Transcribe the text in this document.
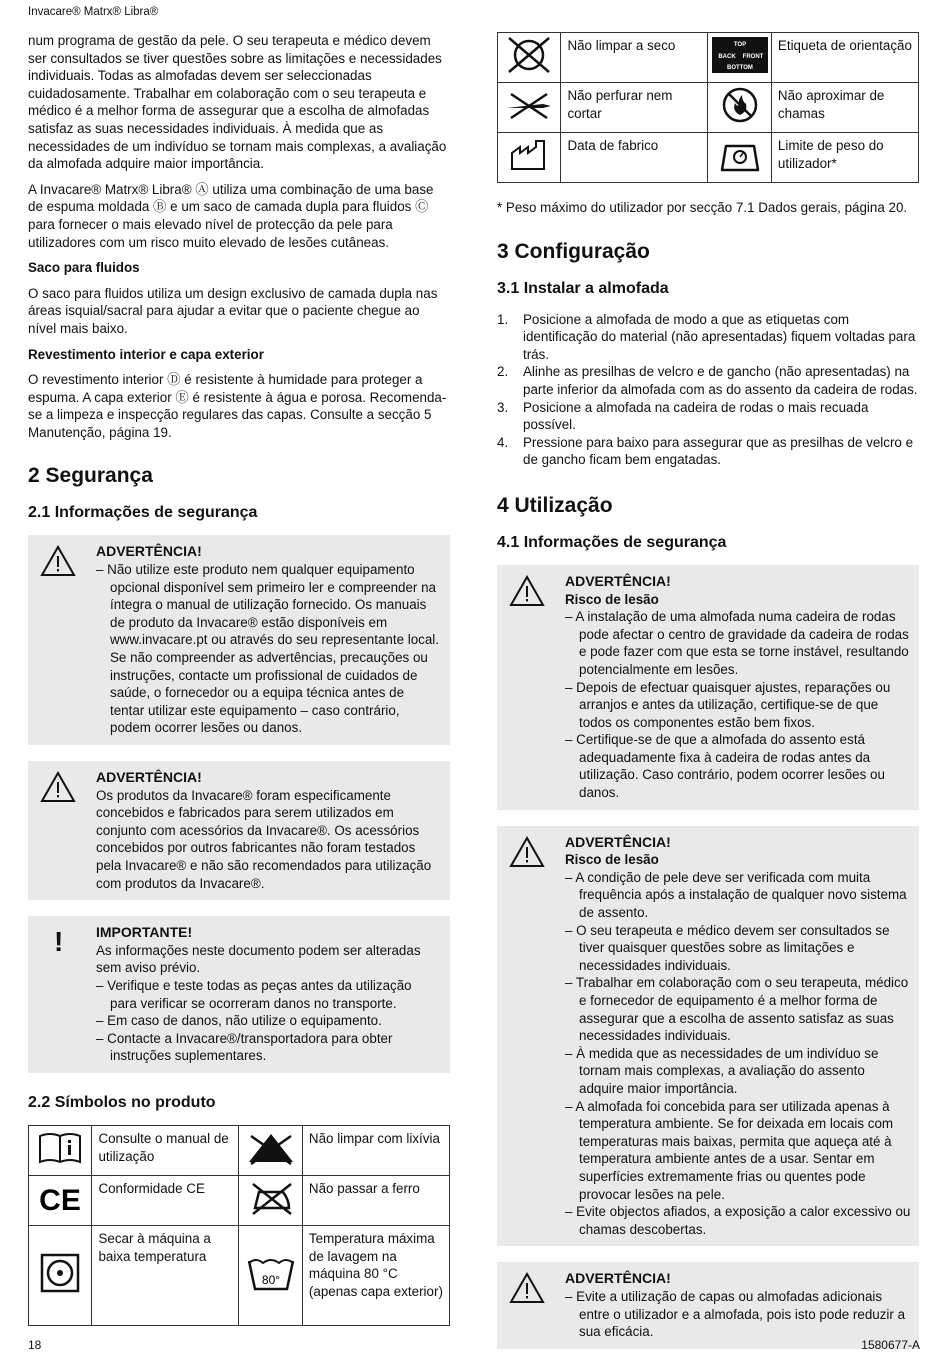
Invacare® Matrx® Libra®

num programa de gestão da pele. O seu terapeuta e médico devem ser consultados se tiver questões sobre as limitações e necessidades individuais. Todas as almofadas devem ser seleccionadas cuidadosamente. Trabalhar em colaboração com o seu terapeuta e médico é a melhor forma de assegurar que a escolha de almofadas satisfaz as suas necessidades individuais. À medida que as necessidades de um indivíduo se tornam mais complexas, a avaliação da almofada adquire maior importância.

A Invacare® Matrx® Libra® Ⓐ utiliza uma combinação de uma base de espuma moldada Ⓑ e um saco de camada dupla para fluidos Ⓒ para fornecer o mais elevado nível de protecção da pele para utilizadores com um risco muito elevado de lesões cutâneas.

Saco para fluidos

O saco para fluidos utiliza um design exclusivo de camada dupla nas áreas isquial/sacral para ajudar a evitar que o paciente chegue ao nível mais baixo.

Revestimento interior e capa exterior

O revestimento interior Ⓓ é resistente à humidade para proteger a espuma. A capa exterior Ⓔ é resistente à água e porosa. Recomenda-se a limpeza e inspecção regulares das capas. Consulte a secção 5 Manutenção, página 19.

2 Segurança
2.1 Informações de segurança
ADVERTÊNCIA!

– Não utilize este produto nem qualquer equipamento opcional disponível sem primeiro ler e compreender na íntegra o manual de utilização fornecido. Os manuais de produto da Invacare® estão disponíveis em www.invacare.pt ou através do seu representante local. Se não compreender as advertências, precauções ou instruções, contacte um profissional de cuidados de saúde, o fornecedor ou a equipa técnica antes de tentar utilizar este equipamento – caso contrário, podem ocorrer lesões ou danos.

ADVERTÊNCIA!

Os produtos da Invacare® foram especificamente concebidos e fabricados para serem utilizados em conjunto com acessórios da Invacare®. Os acessórios concebidos por outros fabricantes não foram testados pela Invacare® e não são recomendados para utilização com produtos da Invacare®.

! IMPORTANTE!

As informações neste documento podem ser alteradas sem aviso prévio.

– Verifique e teste todas as peças antes da utilização para verificar se ocorreram danos no transporte.

– Em caso de danos, não utilize o equipamento.

– Contacte a Invacare®/transportadora para obter instruções suplementares.

2.2 Símbolos no produto
	Consulte o manual de utilização		Não limpar com lixívia

CE	Conformidade CE		Não passar a ferro
	Secar à máquina a baixa temperatura	80°	Temperatura máxima de lavagem na máquina 80 °C (apenas capa exterior)
	Não limpar a seco	TOP
BACK FRONT
BOTTOM	Etiqueta de orientação
	Não perfurar nem cortar		Não aproximar de chamas
	Data de fabrico		Limite de peso do utilizador*

* Peso máximo do utilizador por secção 7.1 Dados gerais, página 20.

3 Configuração
3.1 Instalar a almofada
1. Posicione a almofada de modo a que as etiquetas com identificação do material (não apresentadas) fiquem voltadas para trás.
2. Alinhe as presilhas de velcro e de gancho (não apresentadas) na parte inferior da almofada com as do assento da cadeira de rodas.
3. Posicione a almofada na cadeira de rodas o mais recuada possível.
4. Pressione para baixo para assegurar que as presilhas de velcro e de gancho ficam bem engatadas.
4 Utilização
4.1 Informações de segurança
ADVERTÊNCIA!
Risco de lesão

– A instalação de uma almofada numa cadeira de rodas pode afectar o centro de gravidade da cadeira de rodas e pode fazer com que esta se torne instável, resultando potencialmente em lesões.

– Depois de efectuar quaisquer ajustes, reparações ou arranjos e antes da utilização, certifique-se de que todos os componentes estão bem fixos.

– Certifique-se de que a almofada do assento está adequadamente fixa à cadeira de rodas antes da utilização. Caso contrário, podem ocorrer lesões ou danos.

ADVERTÊNCIA!
Risco de lesão

– A condição de pele deve ser verificada com muita frequência após a instalação de qualquer novo sistema de assento.

– O seu terapeuta e médico devem ser consultados se tiver quaisquer questões sobre as limitações e necessidades individuais.

– Trabalhar em colaboração com o seu terapeuta, médico e fornecedor de equipamento é a melhor forma de assegurar que a escolha de assento satisfaz as suas necessidades individuais.

– À medida que as necessidades de um indivíduo se tornam mais complexas, a avaliação do assento adquire maior importância.

– A almofada foi concebida para ser utilizada apenas à temperatura ambiente. Se for deixada em locais com temperaturas mais baixas, permita que aqueça até à temperatura ambiente antes de a usar. Sentar em superfícies extremamente frias ou quentes pode provocar lesões na pele.

– Evite objectos afiados, a exposição a calor excessivo ou chamas descobertas.

ADVERTÊNCIA!

– Evite a utilização de capas ou almofadas adicionais entre o utilizador e a almofada, pois isto pode reduzir a sua eficácia.

18	1580677-A
